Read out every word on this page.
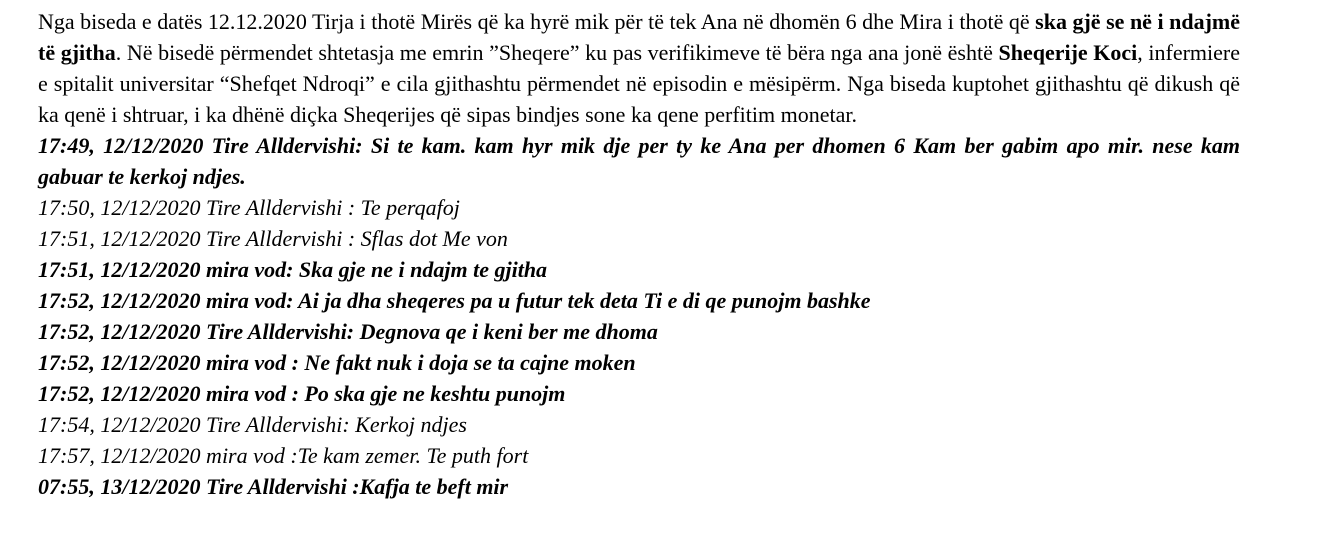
Nga biseda e datës 12.12.2020 Tirja i thotë Mirës që ka hyrë mik për të tek Ana në dhomën 6 dhe Mira i thotë që ska gjë se në i ndajmë të gjitha. Në bisedë përmendet shtetasja me emrin ”Sheqere” ku pas verifikimeve të bëra nga ana jonë është Sheqerije Koci, infermiere e spitalit universitar “Shefqet Ndroqi” e cila gjithashtu përmendet në episodin e mësipërm. Nga biseda kuptohet gjithashtu që dikush që ka qenë i shtruar, i ka dhënë diçka Sheqerijes që sipas bindjes sone ka qene perfitim monetar.

17:49, 12/12/2020 Tire Alldervishi: Si te kam. kam hyr mik dje per ty ke Ana per dhomen 6 Kam ber gabim apo mir. nese kam gabuar te kerkoj ndjes.

17:50, 12/12/2020 Tire Alldervishi : Te perqafoj

17:51, 12/12/2020 Tire Alldervishi : Sflas dot Me von

17:51, 12/12/2020 mira vod: Ska gje ne i ndajm te gjitha

17:52, 12/12/2020 mira vod: Ai ja dha sheqeres pa u futur tek deta Ti e di qe punojm bashke

17:52, 12/12/2020 Tire Alldervishi: Degnova qe i keni ber me dhoma

17:52, 12/12/2020 mira vod : Ne fakt nuk i doja se ta cajne moken

17:52, 12/12/2020 mira vod : Po ska gje ne keshtu punojm

17:54, 12/12/2020 Tire Alldervishi: Kerkoj ndjes

17:57, 12/12/2020 mira vod :Te kam zemer. Te puth fort

07:55, 13/12/2020 Tire Alldervishi :Kafja te beft mir
